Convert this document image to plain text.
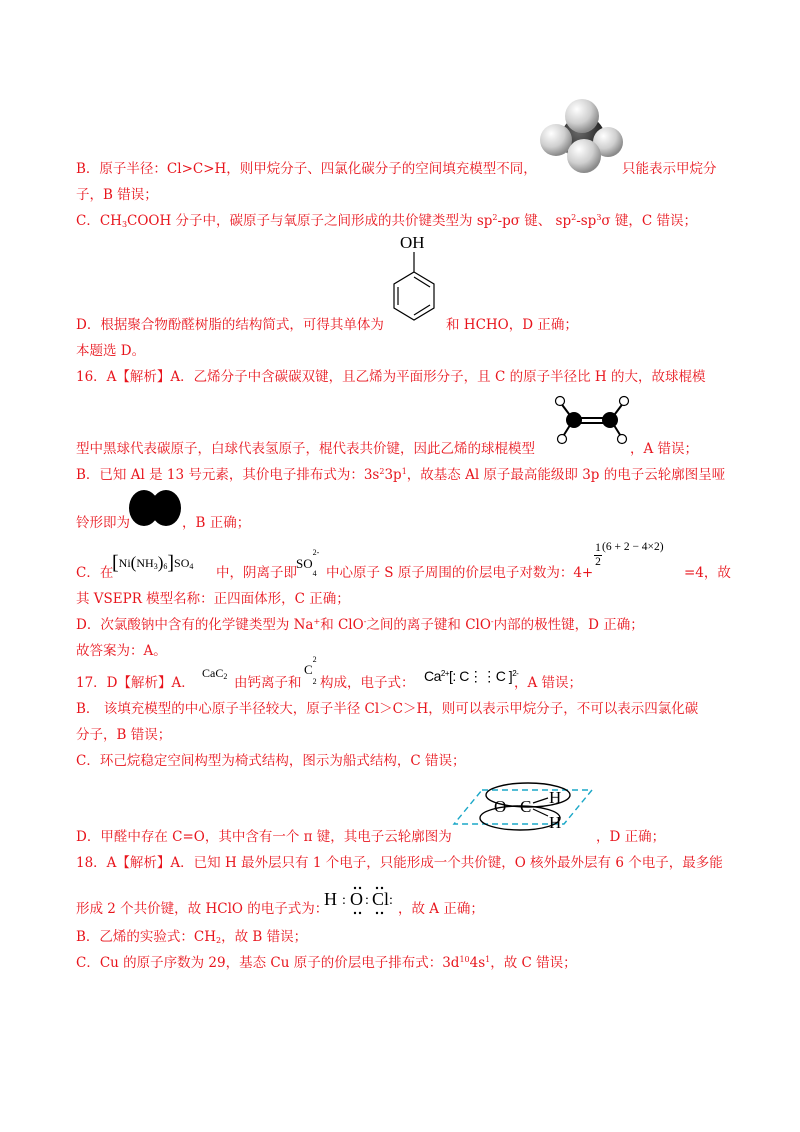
B．原子半径：Cl>C>H，则甲烷分子、四氯化碳分子的空间填充模型不同，	只能表示甲烷分
子，B 错误；
C．$CH_3COOH$ 分子中，碳原子与氧原子之间形成的共价键类型为 $sp^2-p\sigma$ 键、 $sp^2-sp^3\sigma$ 键，C 错误；
OH
D．根据聚合物酚醛树脂的结构简式，可得其单体为	和 HCHO，D 正确；
本题选 D。
16．A【解析】A．乙烯分子中含碳碳双键，且乙烯为平面形分子，且 C 的原子半径比 H 的大，故球棍模
型中黑球代表碳原子，白球代表氢原子，棍代表共价键，因此乙烯的球棍模型	，A 错误；
B．已知 Al 是 13 号元素，其价电子排布式为：$3s^23p^1$，故基态 Al 原子最高能级即 3p 的电子云轮廓图呈哑
铃形即为	，B 正确；
C．在
$[Ni(NH_3)_6]SO_4$ 中，阴离子即
SO
2-
$_4$ 中心原子 S 原子周围的价层电子对数为：4+
$\frac{1}{2} (6 + 2 - 4\times 2)$
=4，故
其 VSEPR 模型名称：正四面体形，C 正确；
D．次氯酸钠中含有的化学键类型为 Na+和 ClO-之间的离子键和 ClO-内部的极性键，D 正确；
故答案为：A。
17．D【解析】A．
CaC$_2$ 由钙离子和
C
2
$_2$ 构成，电子式： $Ca^{2+}$[: C⋮⋮C ]$^{2-}$
，A 错误；
B． 该填充模型的中心原子半径较大，原子半径 Cl＞C＞H，则可以表示甲烷分子，不可以表示四氯化碳
分子，B 错误；
C．环己烷稳定空间构型为椅式结构，图示为船式结构，C 错误；
O C H
H
D．甲醛中存在 C=O，其中含有一个 π 键，其电子云轮廓图为	，D 正确；
18．A【解析】A．已知 H 最外层只有 1 个电子，只能形成一个共价键，O 核外最外层有 6 个电子，最多能
形成 2 个共价键，故 HClO 的电子式为：
H : O : Cl :
，故 A 正确；
B．乙烯的实验式：$CH_2$，故 B 错误；
C．Cu 的原子序数为 29，基态 Cu 原子的价层电子排布式：$3d^{10}4s^1$，故 C 错误；
